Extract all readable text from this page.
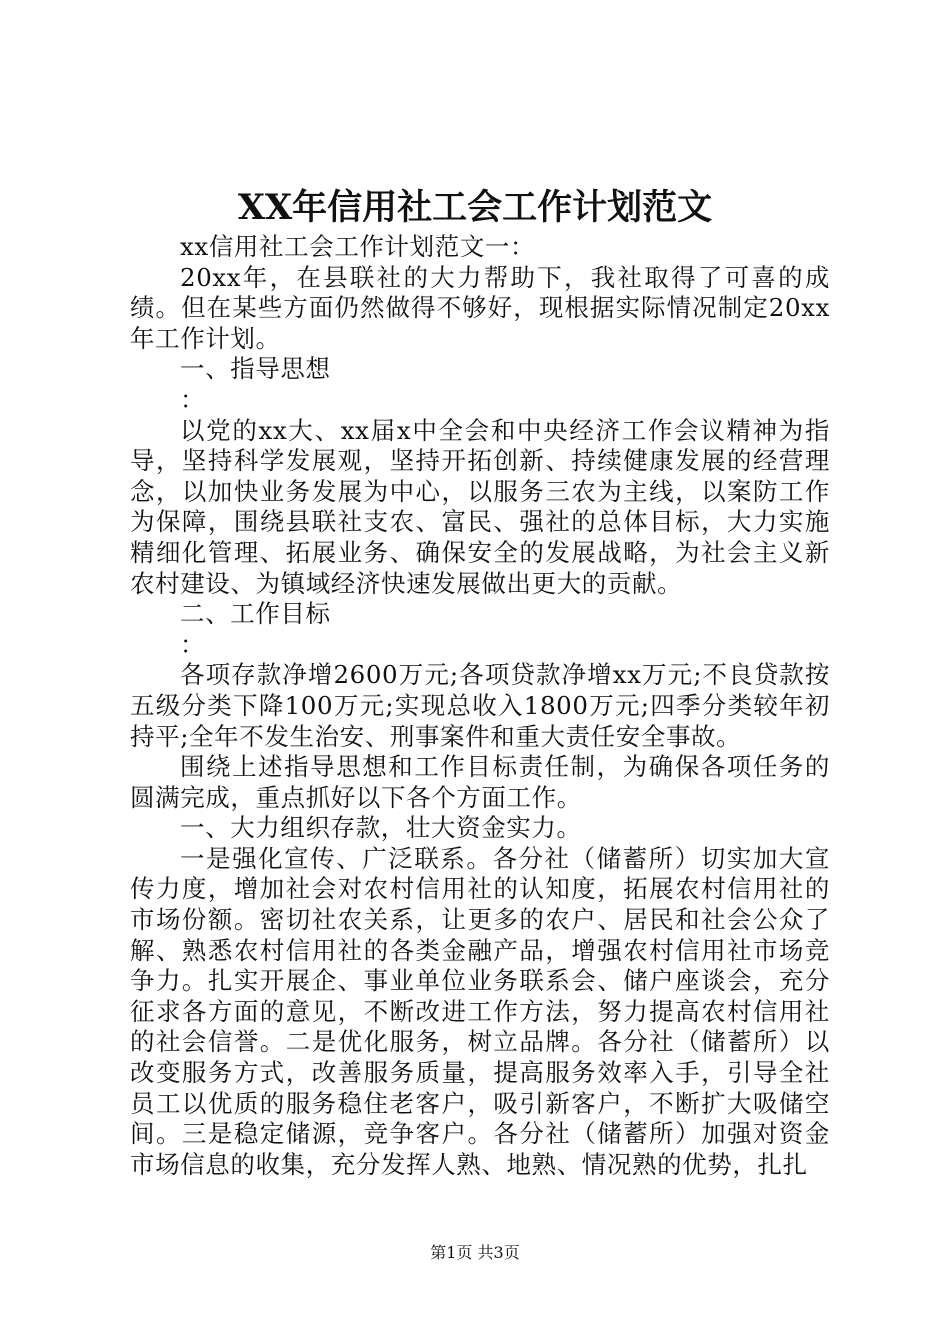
XX年信用社工会工作计划范文

xx信用社工会工作计划范文一：

20xx年，在县联社的大力帮助下，我社取得了可喜的成绩。但在某些方面仍然做得不够好，现根据实际情况制定20xx年工作计划。

一、指导思想

：

以党的xx大、xx届x中全会和中央经济工作会议精神为指导，坚持科学发展观，坚持开拓创新、持续健康发展的经营理念，以加快业务发展为中心，以服务三农为主线，以案防工作为保障，围绕县联社支农、富民、强社的总体目标，大力实施精细化管理、拓展业务、确保安全的发展战略，为社会主义新农村建设、为镇域经济快速发展做出更大的贡献。

二、工作目标

：

各项存款净增2600万元;各项贷款净增xx万元;不良贷款按五级分类下降100万元;实现总收入1800万元;四季分类较年初持平;全年不发生治安、刑事案件和重大责任安全事故。

围绕上述指导思想和工作目标责任制，为确保各项任务的圆满完成，重点抓好以下各个方面工作。

一、大力组织存款，壮大资金实力。

一是强化宣传、广泛联系。各分社（储蓄所）切实加大宣传力度，增加社会对农村信用社的认知度，拓展农村信用社的市场份额。密切社农关系，让更多的农户、居民和社会公众了解、熟悉农村信用社的各类金融产品，增强农村信用社市场竞争力。扎实开展企、事业单位业务联系会、储户座谈会，充分征求各方面的意见，不断改进工作方法，努力提高农村信用社的社会信誉。二是优化服务，树立品牌。各分社（储蓄所）以改变服务方式，改善服务质量，提高服务效率入手，引导全社员工以优质的服务稳住老客户，吸引新客户，不断扩大吸储空间。三是稳定储源，竞争客户。各分社（储蓄所）加强对资金市场信息的收集，充分发挥人熟、地熟、情况熟的优势，扎扎

第1页 共3页
